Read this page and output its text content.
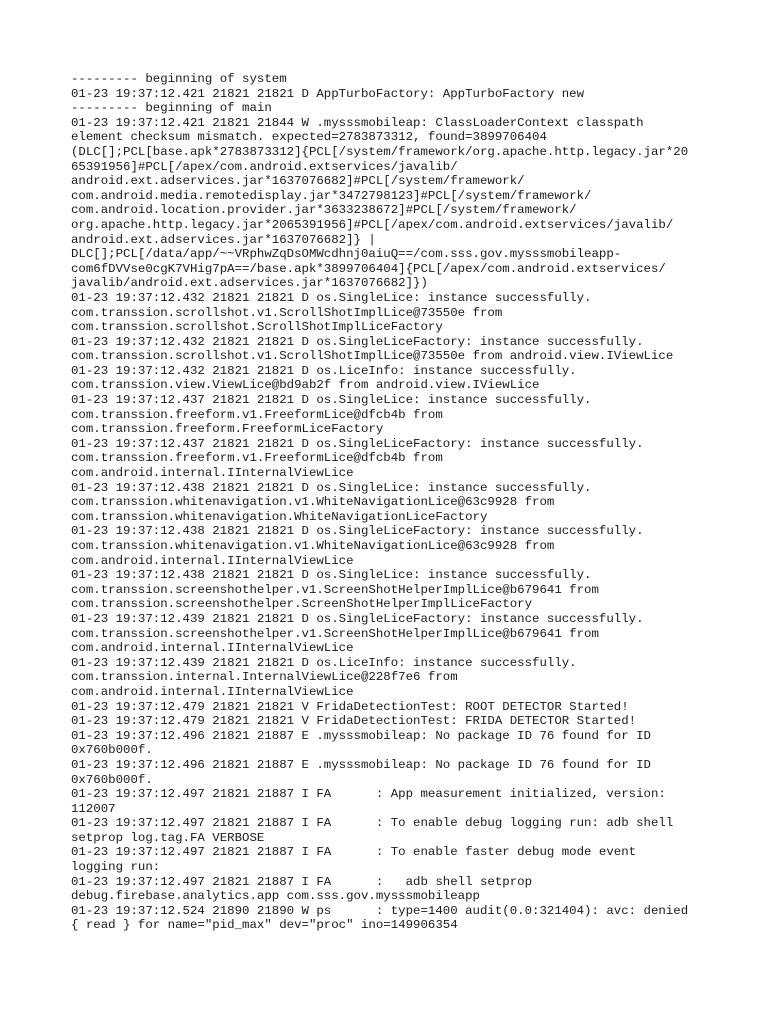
--------- beginning of system
01-23 19:37:12.421 21821 21821 D AppTurboFactory: AppTurboFactory new
--------- beginning of main
01-23 19:37:12.421 21821 21844 W .mysssmobileap: ClassLoaderContext classpath
element checksum mismatch. expected=2783873312, found=3899706404
(DLC[];PCL[base.apk*2783873312]{PCL[/system/framework/org.apache.http.legacy.jar*20
65391956]#PCL[/apex/com.android.extservices/javalib/
android.ext.adservices.jar*1637076682]#PCL[/system/framework/
com.android.media.remotedisplay.jar*3472798123]#PCL[/system/framework/
com.android.location.provider.jar*3633238672]#PCL[/system/framework/
org.apache.http.legacy.jar*2065391956]#PCL[/apex/com.android.extservices/javalib/
android.ext.adservices.jar*1637076682]} |
DLC[];PCL[/data/app/~~VRphwZqDsOMWcdhnj0aiuQ==/com.sss.gov.mysssmobileapp-
com6fDVVse0cgK7VHig7pA==/base.apk*3899706404]{PCL[/apex/com.android.extservices/
javalib/android.ext.adservices.jar*1637076682]})
01-23 19:37:12.432 21821 21821 D os.SingleLice: instance successfully.
com.transsion.scrollshot.v1.ScrollShotImplLice@73550e from
com.transsion.scrollshot.ScrollShotImplLiceFactory
01-23 19:37:12.432 21821 21821 D os.SingleLiceFactory: instance successfully.
com.transsion.scrollshot.v1.ScrollShotImplLice@73550e from android.view.IViewLice
01-23 19:37:12.432 21821 21821 D os.LiceInfo: instance successfully.
com.transsion.view.ViewLice@bd9ab2f from android.view.IViewLice
01-23 19:37:12.437 21821 21821 D os.SingleLice: instance successfully.
com.transsion.freeform.v1.FreeformLice@dfcb4b from
com.transsion.freeform.FreeformLiceFactory
01-23 19:37:12.437 21821 21821 D os.SingleLiceFactory: instance successfully.
com.transsion.freeform.v1.FreeformLice@dfcb4b from
com.android.internal.IInternalViewLice
01-23 19:37:12.438 21821 21821 D os.SingleLice: instance successfully.
com.transsion.whitenavigation.v1.WhiteNavigationLice@63c9928 from
com.transsion.whitenavigation.WhiteNavigationLiceFactory
01-23 19:37:12.438 21821 21821 D os.SingleLiceFactory: instance successfully.
com.transsion.whitenavigation.v1.WhiteNavigationLice@63c9928 from
com.android.internal.IInternalViewLice
01-23 19:37:12.438 21821 21821 D os.SingleLice: instance successfully.
com.transsion.screenshothelper.v1.ScreenShotHelperImplLice@b679641 from
com.transsion.screenshothelper.ScreenShotHelperImplLiceFactory
01-23 19:37:12.439 21821 21821 D os.SingleLiceFactory: instance successfully.
com.transsion.screenshothelper.v1.ScreenShotHelperImplLice@b679641 from
com.android.internal.IInternalViewLice
01-23 19:37:12.439 21821 21821 D os.LiceInfo: instance successfully.
com.transsion.internal.InternalViewLice@228f7e6 from
com.android.internal.IInternalViewLice
01-23 19:37:12.479 21821 21821 V FridaDetectionTest: ROOT DETECTOR Started!
01-23 19:37:12.479 21821 21821 V FridaDetectionTest: FRIDA DETECTOR Started!
01-23 19:37:12.496 21821 21887 E .mysssmobileap: No package ID 76 found for ID
0x760b000f.
01-23 19:37:12.496 21821 21887 E .mysssmobileap: No package ID 76 found for ID
0x760b000f.
01-23 19:37:12.497 21821 21887 I FA      : App measurement initialized, version:
112007
01-23 19:37:12.497 21821 21887 I FA      : To enable debug logging run: adb shell
setprop log.tag.FA VERBOSE
01-23 19:37:12.497 21821 21887 I FA      : To enable faster debug mode event
logging run:
01-23 19:37:12.497 21821 21887 I FA      :   adb shell setprop
debug.firebase.analytics.app com.sss.gov.mysssmobileapp
01-23 19:37:12.524 21890 21890 W ps      : type=1400 audit(0.0:321404): avc: denied
{ read } for name="pid_max" dev="proc" ino=149906354
